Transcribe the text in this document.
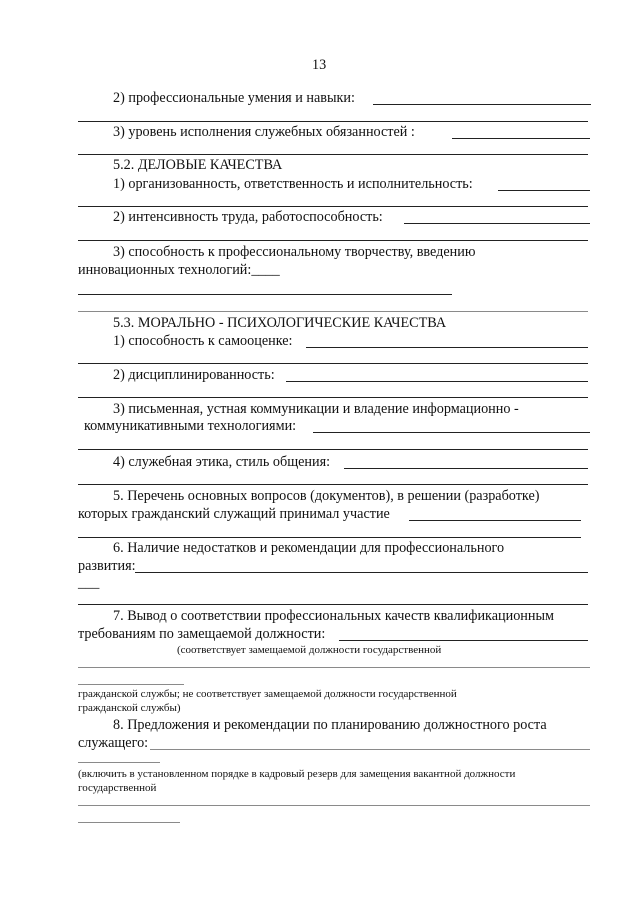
13
2) профессиональные умения и навыки:
3) уровень исполнения служебных обязанностей :
5.2. ДЕЛОВЫЕ КАЧЕСТВА
1) организованность, ответственность и исполнительность:
2) интенсивность труда, работоспособность:
3) способность к профессиональному творчеству, введению
инновационных технологий:____
5.3. МОРАЛЬНО - ПСИХОЛОГИЧЕСКИЕ КАЧЕСТВА
1) способность к самооценке:
2) дисциплинированность:
3) письменная, устная коммуникации и владение информационно -
коммуникативными технологиями:
4) служебная этика, стиль общения:
5. Перечень основных вопросов (документов), в решении (разработке)
которых гражданский служащий принимал участие
6. Наличие недостатков и рекомендации для профессионального
развития:
___
7. Вывод о соответствии профессиональных качеств квалификационным
требованиям по замещаемой должности:
(соответствует замещаемой должности государственной
гражданской службы; не соответствует замещаемой должности государственной
гражданской службы)
8. Предложения и рекомендации по планированию должностного роста
служащего:
(включить в установленном порядке в кадровый резерв для замещения вакантной должности
государственной
